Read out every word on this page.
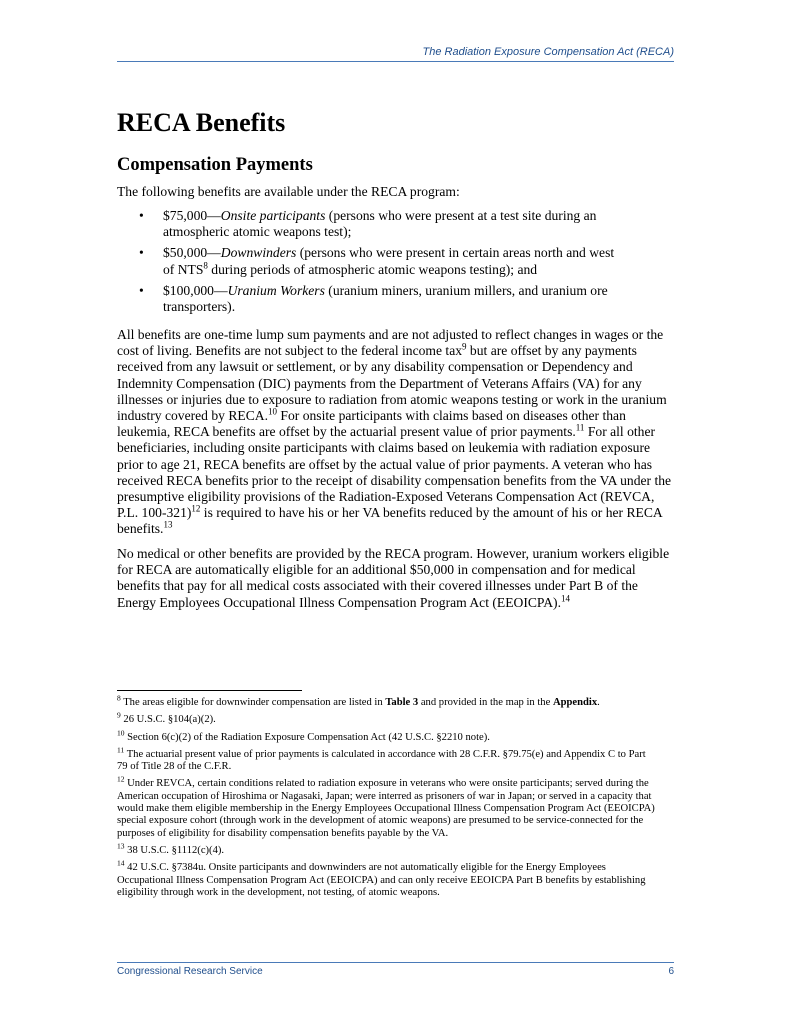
The Radiation Exposure Compensation Act (RECA)
RECA Benefits
Compensation Payments

The following benefits are available under the RECA program:

• $75,000—Onsite participants (persons who were present at a test site during an atmospheric atomic weapons test);
• $50,000—Downwinders (persons who were present in certain areas north and west of NTS$^8$ during periods of atmospheric atomic weapons testing); and
• $100,000—Uranium Workers (uranium miners, uranium millers, and uranium ore transporters).

All benefits are one-time lump sum payments and are not adjusted to reflect changes in wages or the cost of living. Benefits are not subject to the federal income tax$^9$ but are offset by any payments received from any lawsuit or settlement, or by any disability compensation or Dependency and Indemnity Compensation (DIC) payments from the Department of Veterans Affairs (VA) for any illnesses or injuries due to exposure to radiation from atomic weapons testing or work in the uranium industry covered by RECA.$^{10}$ For onsite participants with claims based on diseases other than leukemia, RECA benefits are offset by the actuarial present value of prior payments.$^{11}$ For all other beneficiaries, including onsite participants with claims based on leukemia with radiation exposure prior to age 21, RECA benefits are offset by the actual value of prior payments. A veteran who has received RECA benefits prior to the receipt of disability compensation benefits from the VA under the presumptive eligibility provisions of the Radiation-Exposed Veterans Compensation Act (REVCA, P.L. 100-321)$^{12}$ is required to have his or her VA benefits reduced by the amount of his or her RECA benefits.$^{13}$

No medical or other benefits are provided by the RECA program. However, uranium workers eligible for RECA are automatically eligible for an additional $50,000 in compensation and for medical benefits that pay for all medical costs associated with their covered illnesses under Part B of the Energy Employees Occupational Illness Compensation Program Act (EEOICPA).$^{14}$

$^8$ The areas eligible for downwinder compensation are listed in Table 3 and provided in the map in the Appendix.

$^9$ 26 U.S.C. §104(a)(2).

$^{10}$ Section 6(c)(2) of the Radiation Exposure Compensation Act (42 U.S.C. §2210 note).

$^{11}$ The actuarial present value of prior payments is calculated in accordance with 28 C.F.R. §79.75(e) and Appendix C to Part 79 of Title 28 of the C.F.R.

$^{12}$ Under REVCA, certain conditions related to radiation exposure in veterans who were onsite participants; served during the American occupation of Hiroshima or Nagasaki, Japan; were interred as prisoners of war in Japan; or served in a capacity that would make them eligible membership in the Energy Employees Occupational Illness Compensation Program Act (EEOICPA) special exposure cohort (through work in the development of atomic weapons) are presumed to be service-connected for the purposes of eligibility for disability compensation benefits payable by the VA.

$^{13}$ 38 U.S.C. §1112(c)(4).

$^{14}$ 42 U.S.C. §7384u. Onsite participants and downwinders are not automatically eligible for the Energy Employees Occupational Illness Compensation Program Act (EEOICPA) and can only receive EEOICPA Part B benefits by establishing eligibility through work in the development, not testing, of atomic weapons.

Congressional Research Service	6
